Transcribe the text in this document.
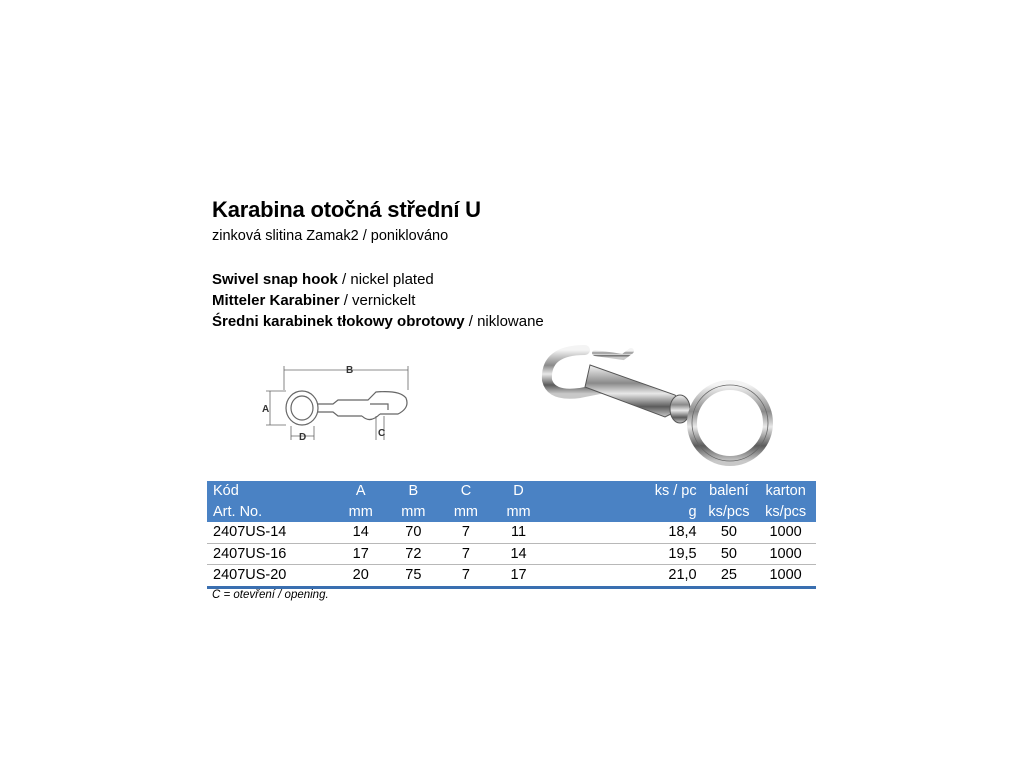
Karabina otočná střední U
zinková slitina Zamak2 / poniklováno
Swivel snap hook / nickel plated
Mitteler Karabiner / vernickelt
Średni karabinek tłokowy obrotowy / niklowane
B
A
D	C
Kód	A	B	C	D		ks / pc	balení	karton
Art. No.	mm	mm	mm	mm		g	ks/pcs	ks/pcs
2407US-14	14	70	7	11		18,4	50	1000
2407US-16	17	72	7	14		19,5	50	1000
2407US-20	20	75	7	17		21,0	25	1000
C = otevření / opening.
